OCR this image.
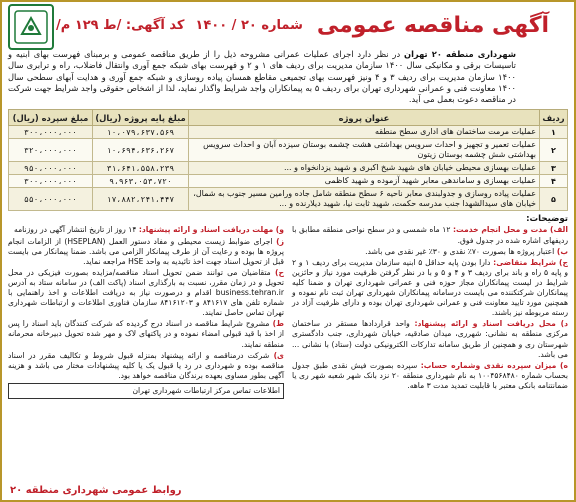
آگهی مناقصه عمومی
شماره ۲۰ / ۱۴۰۰
کد آگهی: /ط ۱۲۹ م/

شهرداری منطقه ۲۰ تهران در نظر دارد اجرای عملیات عمرانی مشروحه ذیل را از طریق مناقصه عمومی و برمبنای فهرست بهای ابنیه و تاسیسات برقی و مکانیکی سال ۱۴۰۰ سازمان مدیریت برای ردیف های ۱ و ۲ و فهرست بهای شبکه جمع آوری وانتقال فاضلاب، راه و ترابری سال ۱۴۰۰ سازمان مدیریت برای ردیف ۳ و ۴ ونیز فهرست بهای تجمیعی مقاطع همسان پیاده روسازی و شبکه جمع آوری و هدایت آبهای سطحی سال ۱۴۰۰ معاونت فنی و عمرانی شهرداری تهران برای ردیف ۵ به پیمانکاران واجد شرایط واگذار نماید، لذا از اشخاص حقوقی واجد شرایط جهت شرکت در مناقصه دعوت بعمل می آید.

ردیف	عنوان پروژه	مبلغ پایه پروژه (ریال)	مبلغ سپرده (ریال)
۱	عملیات مرمت ساختمان های اداری سطح منطقه	۱۰،۰۷۹،۶۳۷،۵۶۹	۳۰۰،۰۰۰،۰۰۰
۲	عملیات تعمیر و تجهیز و احداث سرویس بهداشتی هشت چشمه بوستان سیزده آبان و احداث سرویس بهداشتی شش چشمه بوستان زیتون	۱۰،۶۹۴،۶۳۶،۲۶۷	۳۲۰،۰۰۰،۰۰۰
۳	عملیات بهسازی محیطی خیابان های شهید شیخ اکبری و شهید یزدانخواه و ...	۳۱،۶۴۱،۵۵۸،۲۳۹	۹۵۰،۰۰۰،۰۰۰
۴	عملیات بهسازی و ساماندهی معابر شهید آزموده و شهید کاظمی	۹،۹۶۳،۰۵۳،۷۲۰	۳۰۰،۰۰۰،۰۰۰
۵	عملیات پیاده روسازی و جدولبندی معابر ناحیه ۶ سطح منطقه شامل جاده ورامین مسیر جنوب به شمال، خیابان های سیدالشهدا جنب مدرسه حکمت، شهید ثابت نیا، شهید دیلارنده و ...	۱۷،۸۸۲،۲۴۱،۴۴۷	۵۵۰،۰۰۰،۰۰۰
توضیحات:

الف) مدت و محل انجام خدمت: ۱۲ ماه شمسی و در سطح نواحی منطقه مطابق با ردیفهای اشاره شده در جدول فوق.

ب) اعتبار پروژه ها بصورت ۷۰٪ نقدی و ۳۰٪ غیر نقدی می باشد.

ج) شرایط متقاضی: دارا بودن پایه حداقل ۵ ابنیه سازمان مدیریت برای ردیف ۱ و ۲ و پایه ۵ راه و باند برای ردیف ۳ و ۴ و ۵ و با در نظر گرفتن ظرفیت مورد نیاز و حائزین شرایط در لیست پیمانکاران مجاز حوزه فنی و عمرانی شهرداری تهران و ضمنا کلیه پیمانکاران شرکتکننده می بایست درسامانه پیمانکاران شهرداری تهران ثبت نام نموده و همچنین مورد تایید معاونت فنی و عمرانی شهرداری تهران بوده و دارای ظرفیت آزاد در رسته مربوطه نیز باشند.

د) محل دریافت اسناد و ارائه پیشنهاد: واحد قراردادها مستقر در ساختمان مرکزی منطقه به نشانی: شهرری، میدان صادقیه، خیابان شهرداری، جنب دادگستری شهرستان ری و همچنین از طریق سامانه تدارکات الکترونیکی دولت (ستاد) با نشانی ... می باشد.

ه) میزان سپرده نقدی وشماره حساب: سپرده بصورت فیش نقدی طبق جدول بحساب شماره ۱۰۰۴۵۶۸۴۸۰ به نام شهرداری منطقه ۲۰ نزد بانک شهر شعبه شهر ری یا ضمانتنامه بانکی معتبر با قابلیت تمدید مدت ۳ ماهه.

و) مهلت دریافت اسناد و ارائه پیشنهاد: ۱۴ روز از تاریخ انتشار آگهی در روزنامه

ز) اجرای ضوابط زیست محیطی و مفاد دستور العمل (HSEPLAN) از الزامات انجام پروژه ها بوده و رعایت آن از طرف پیمانکار الزامی می باشد. ضمنا پیمانکار می بایست قبل از تحویل اسناد جهت اخذ تائیدیه به واحد HSE مراجعه نماید.

ح) متقاضیان می توانند ضمن تحویل اسناد مناقصه/مزایده بصورت فیزیکی در محل تحویل و در زمان مقرر، نسبت به بارگذاری اسناد (پاکت الف) در سامانه ستاد به آدرس business.tehran.ir اقدام و درصورت نیاز به دریافت اطلاعات و اخذ راهنمایی با شماره تلفن های ۸۴۱۶۱۷ و ۸۴۱۶۱۲۰۳ سازمان فناوری اطلاعات و ارتباطات شهرداری تهران تماس حاصل نمایند.

ط) مشروح شرایط مناقصه در اسناد درج گردیده که شرکت کنندگان باید اسناد را پس از اخذ با قید قبولی امضاء نموده و در پاکتهای لاک و مهر شده تحویل دبیرخانه محرمانه منطقه نمایند.

ی) شرکت درمناقصه و ارائه پیشنهاد بمنزله قبول شروط و تکالیف مقرر در اسناد مناقصه بوده و شهرداری در رد یا قبول یک یا کلیه پیشنهادات مختار می باشد و هزینه آگهی بطور مساوی بعهده برندگان مناقصه خواهد بود.

اطلاعات تماس مرکز ارتباطات شهرداری تهران
روابط عمومی شهرداری منطقه ۲۰
